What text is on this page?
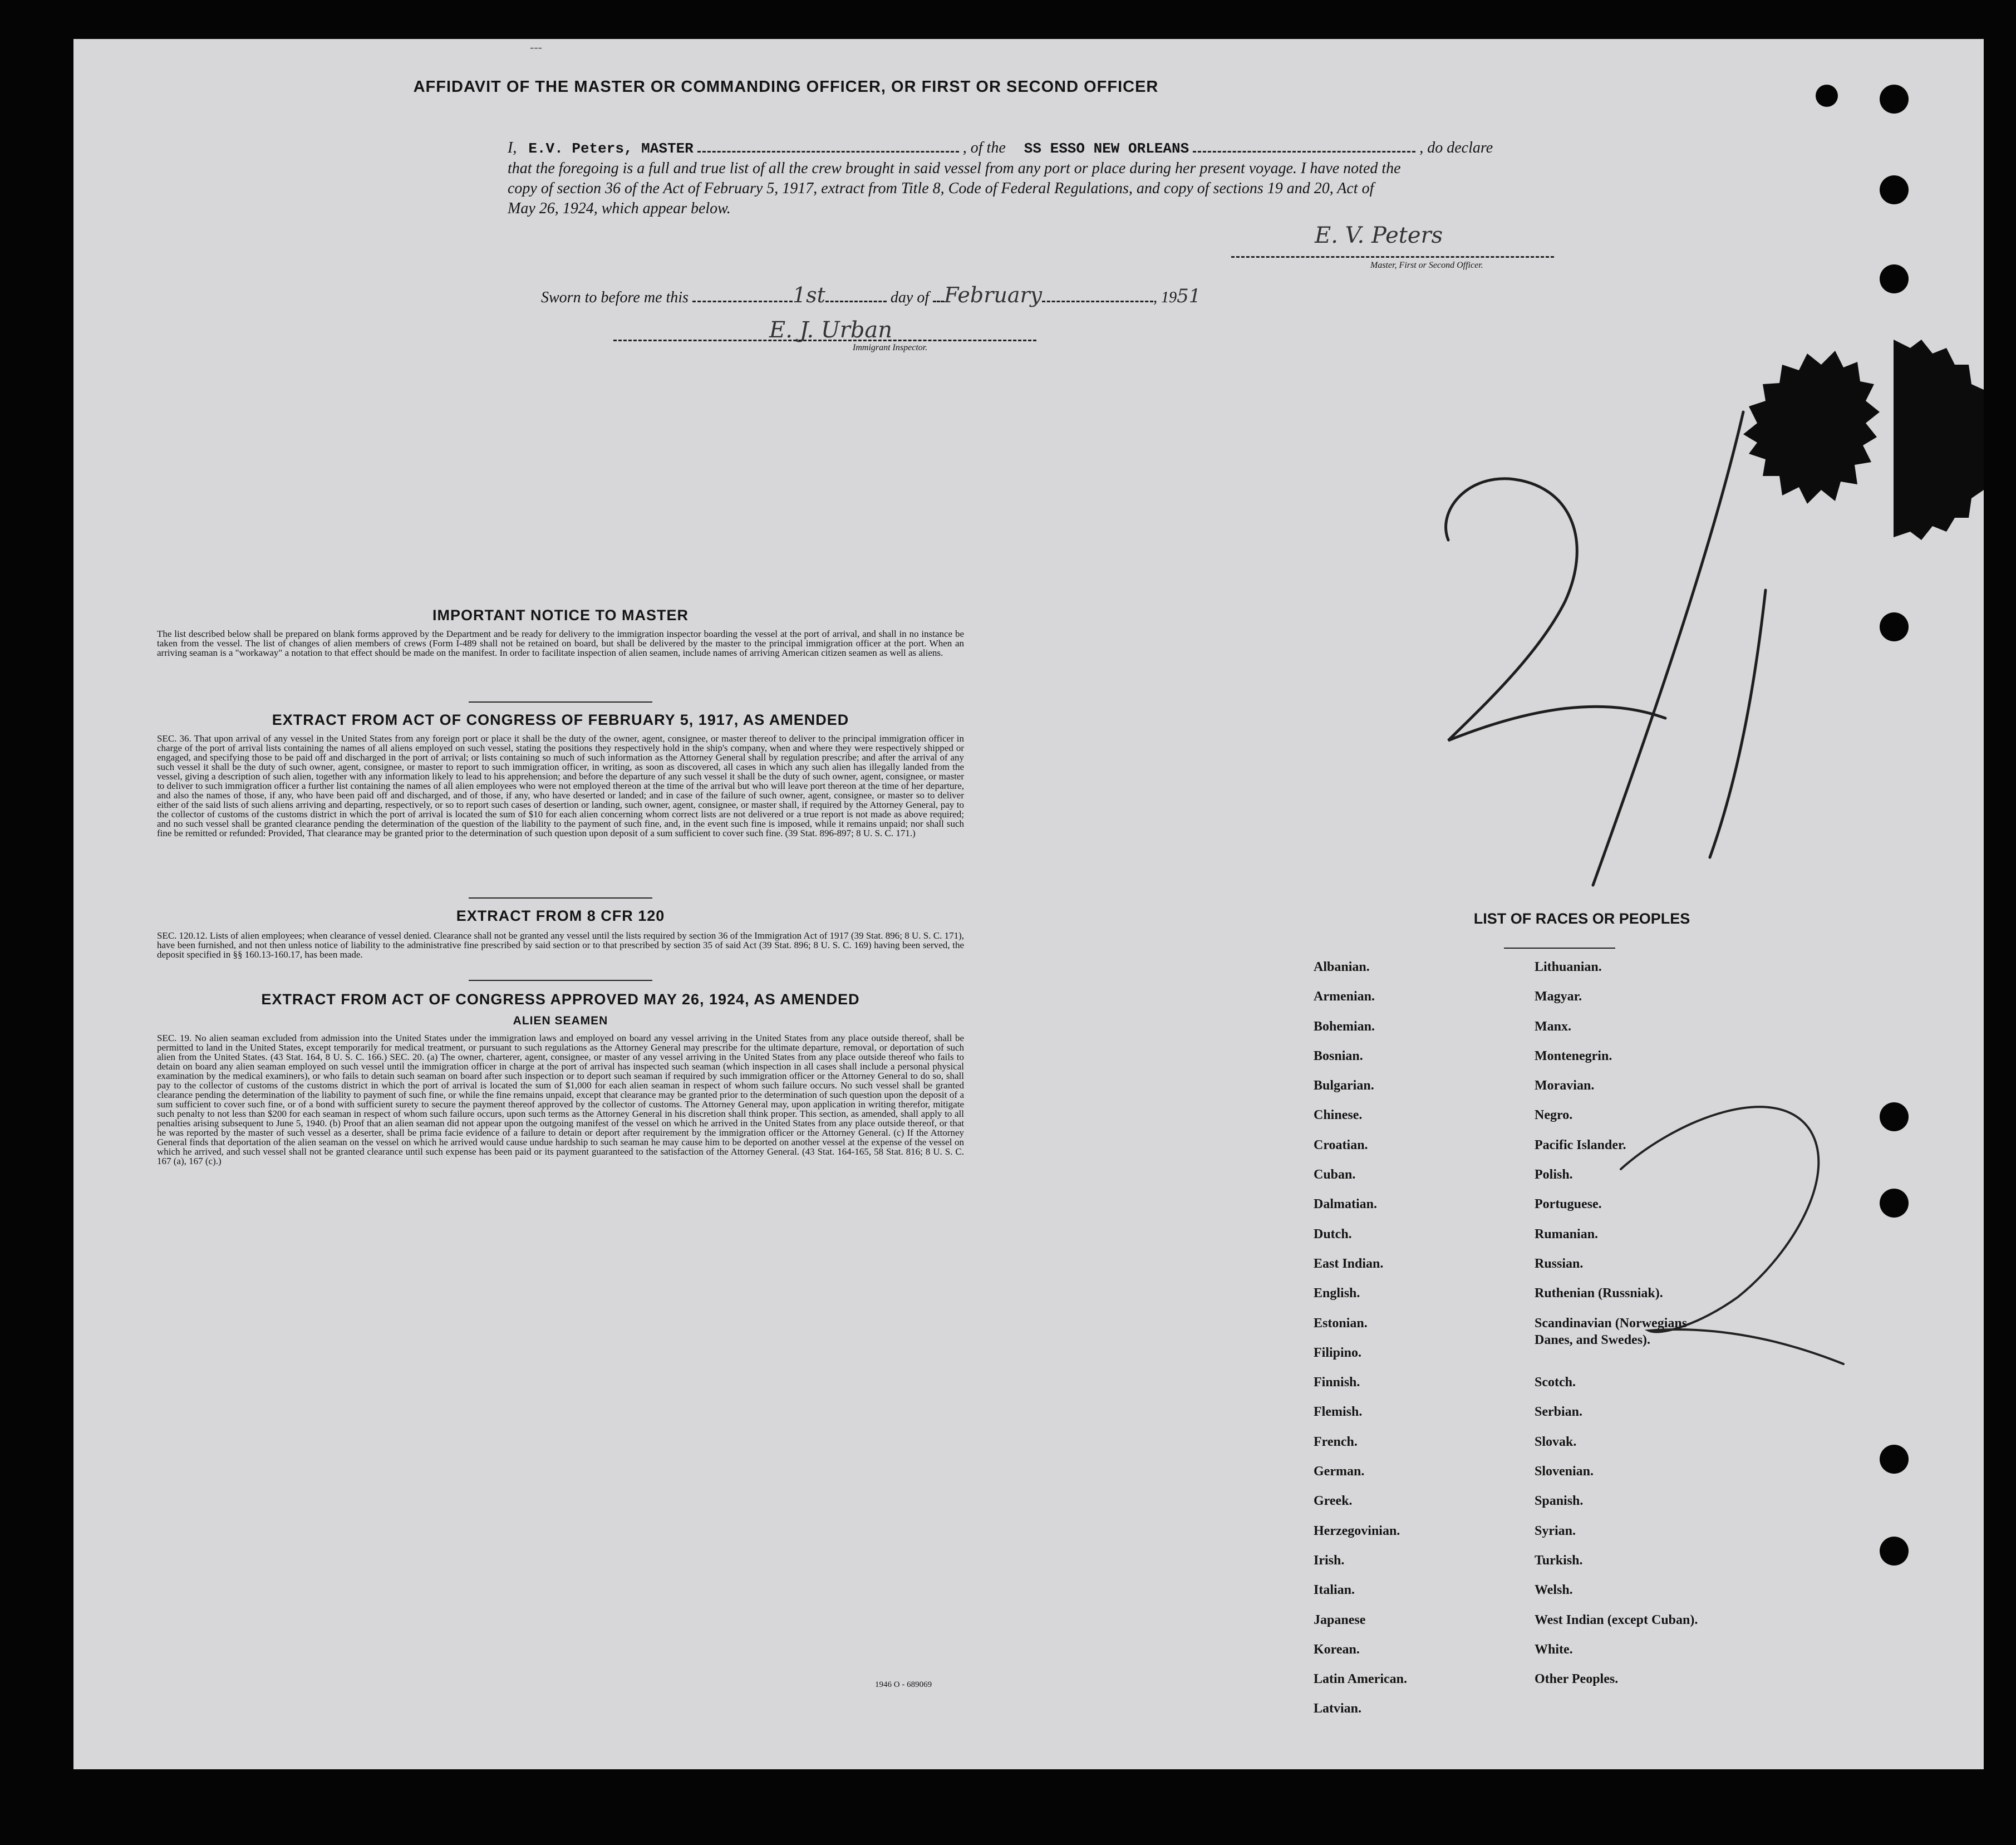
---
AFFIDAVIT OF THE MASTER OR COMMANDING OFFICER, OR FIRST OR SECOND OFFICER
I, E.V. Peters, MASTER	, of the SS ESSO NEW ORLEANS	, do declare
that the foregoing is a full and true list of all the crew brought in said vessel from any port or place during her present voyage. I have noted the
copy of section 36 of the Act of February 5, 1917, extract from Title 8, Code of Federal Regulations, and copy of sections 19 and 20, Act of
May 26, 1924, which appear below.
E. V. Peters
Master, First or Second Officer.
Sworn to before me this	1st	day of February	, 1951
E. J. Urban
Immigrant Inspector.
21
IMPORTANT NOTICE TO MASTER
The list described below shall be prepared on blank forms approved by the Department and be ready for delivery to the immigration inspector boarding the vessel at the port of arrival, and shall in no instance be taken from the vessel. The list of changes of alien members of crews (Form I-489 shall not be retained on board, but shall be delivered by the master to the principal immigration officer at the port. When an arriving seaman is a "workaway" a notation to that effect should be made on the manifest. In order to facilitate inspection of alien seamen, include names of arriving American citizen seamen as well as aliens.
EXTRACT FROM ACT OF CONGRESS OF FEBRUARY 5, 1917, AS AMENDED
SEC. 36. That upon arrival of any vessel in the United States from any foreign port or place it shall be the duty of the owner, agent, consignee, or master thereof to deliver to the principal immigration officer in charge of the port of arrival lists containing the names of all aliens employed on such vessel, stating the positions they respectively hold in the ship's company, when and where they were respectively shipped or engaged, and specifying those to be paid off and discharged in the port of arrival; or lists containing so much of such information as the Attorney General shall by regulation prescribe; and after the arrival of any such vessel it shall be the duty of such owner, agent, consignee, or master to report to such immigration officer, in writing, as soon as discovered, all cases in which any such alien has illegally landed from the vessel, giving a description of such alien, together with any information likely to lead to his apprehension; and before the departure of any such vessel it shall be the duty of such owner, agent, consignee, or master to deliver to such immigration officer a further list containing the names of all alien employees who were not employed thereon at the time of the arrival but who will leave port thereon at the time of her departure, and also the names of those, if any, who have been paid off and discharged, and of those, if any, who have deserted or landed; and in case of the failure of such owner, agent, consignee, or master so to deliver either of the said lists of such aliens arriving and departing, respectively, or so to report such cases of desertion or landing, such owner, agent, consignee, or master shall, if required by the Attorney General, pay to the collector of customs of the customs district in which the port of arrival is located the sum of $10 for each alien concerning whom correct lists are not delivered or a true report is not made as above required; and no such vessel shall be granted clearance pending the determination of the question of the liability to the payment of such fine, and, in the event such fine is imposed, while it remains unpaid; nor shall such fine be remitted or refunded: Provided, That clearance may be granted prior to the determination of such question upon deposit of a sum sufficient to cover such fine. (39 Stat. 896-897; 8 U. S. C. 171.)
EXTRACT FROM 8 CFR 120
SEC. 120.12. Lists of alien employees; when clearance of vessel denied. Clearance shall not be granted any vessel until the lists required by section 36 of the Immigration Act of 1917 (39 Stat. 896; 8 U. S. C. 171), have been furnished, and not then unless notice of liability to the administrative fine prescribed by said section or to that prescribed by section 35 of said Act (39 Stat. 896; 8 U. S. C. 169) having been served, the deposit specified in §§ 160.13-160.17, has been made.
EXTRACT FROM ACT OF CONGRESS APPROVED MAY 26, 1924, AS AMENDED
ALIEN SEAMEN
SEC. 19. No alien seaman excluded from admission into the United States under the immigration laws and employed on board any vessel arriving in the United States from any place outside thereof, shall be permitted to land in the United States, except temporarily for medical treatment, or pursuant to such regulations as the Attorney General may prescribe for the ultimate departure, removal, or deportation of such alien from the United States. (43 Stat. 164, 8 U. S. C. 166.) SEC. 20. (a) The owner, charterer, agent, consignee, or master of any vessel arriving in the United States from any place outside thereof who fails to detain on board any alien seaman employed on such vessel until the immigration officer in charge at the port of arrival has inspected such seaman (which inspection in all cases shall include a personal physical examination by the medical examiners), or who fails to detain such seaman on board after such inspection or to deport such seaman if required by such immigration officer or the Attorney General to do so, shall pay to the collector of customs of the customs district in which the port of arrival is located the sum of $1,000 for each alien seaman in respect of whom such failure occurs. No such vessel shall be granted clearance pending the determination of the liability to payment of such fine, or while the fine remains unpaid, except that clearance may be granted prior to the determination of such question upon the deposit of a sum sufficient to cover such fine, or of a bond with sufficient surety to secure the payment thereof approved by the collector of customs. The Attorney General may, upon application in writing therefor, mitigate such penalty to not less than $200 for each seaman in respect of whom such failure occurs, upon such terms as the Attorney General in his discretion shall think proper. This section, as amended, shall apply to all penalties arising subsequent to June 5, 1940. (b) Proof that an alien seaman did not appear upon the outgoing manifest of the vessel on which he arrived in the United States from any place outside thereof, or that he was reported by the master of such vessel as a deserter, shall be prima facie evidence of a failure to detain or deport after requirement by the immigration officer or the Attorney General. (c) If the Attorney General finds that deportation of the alien seaman on the vessel on which he arrived would cause undue hardship to such seaman he may cause him to be deported on another vessel at the expense of the vessel on which he arrived, and such vessel shall not be granted clearance until such expense has been paid or its payment guaranteed to the satisfaction of the Attorney General. (43 Stat. 164-165, 58 Stat. 816; 8 U. S. C. 167 (a), 167 (c).)
1946 O - 689069
LIST OF RACES OR PEOPLES
Albanian.
Armenian.
Bohemian.
Bosnian.
Bulgarian.
Chinese.
Croatian.
Cuban.
Dalmatian.
Dutch.
East Indian.
English.
Estonian.
Filipino.
Finnish.
Flemish.
French.
German.
Greek.
Herzegovinian.
Irish.
Italian.
Japanese
Korean.
Latin American.
Latvian.
Lithuanian.
Magyar.
Manx.
Montenegrin.
Moravian.
Negro.
Pacific Islander.
Polish.
Portuguese.
Rumanian.
Russian.
Ruthenian (Russniak).
Scandinavian (Norwegians
Danes, and Swedes).
Scotch.
Serbian.
Slovak.
Slovenian.
Spanish.
Syrian.
Turkish.
Welsh.
West Indian (except Cuban).
White.
Other Peoples.
2
